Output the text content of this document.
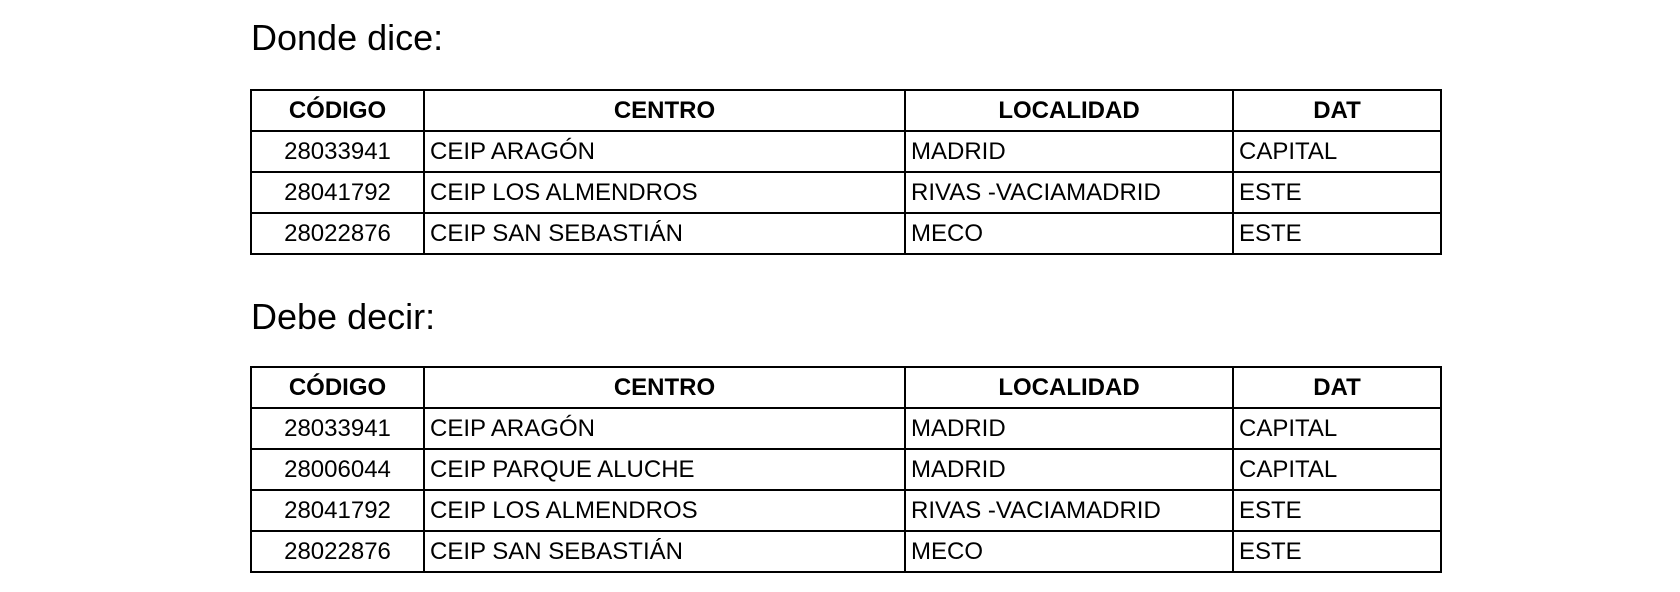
Donde dice:
CÓDIGO	CENTRO	LOCALIDAD	DAT
28033941	CEIP ARAGÓN	MADRID	CAPITAL
28041792	CEIP LOS ALMENDROS	RIVAS -VACIAMADRID	ESTE
28022876	CEIP SAN SEBASTIÁN	MECO	ESTE
Debe decir:
CÓDIGO	CENTRO	LOCALIDAD	DAT
28033941	CEIP ARAGÓN	MADRID	CAPITAL
28006044	CEIP PARQUE ALUCHE	MADRID	CAPITAL
28041792	CEIP LOS ALMENDROS	RIVAS -VACIAMADRID	ESTE
28022876	CEIP SAN SEBASTIÁN	MECO	ESTE
